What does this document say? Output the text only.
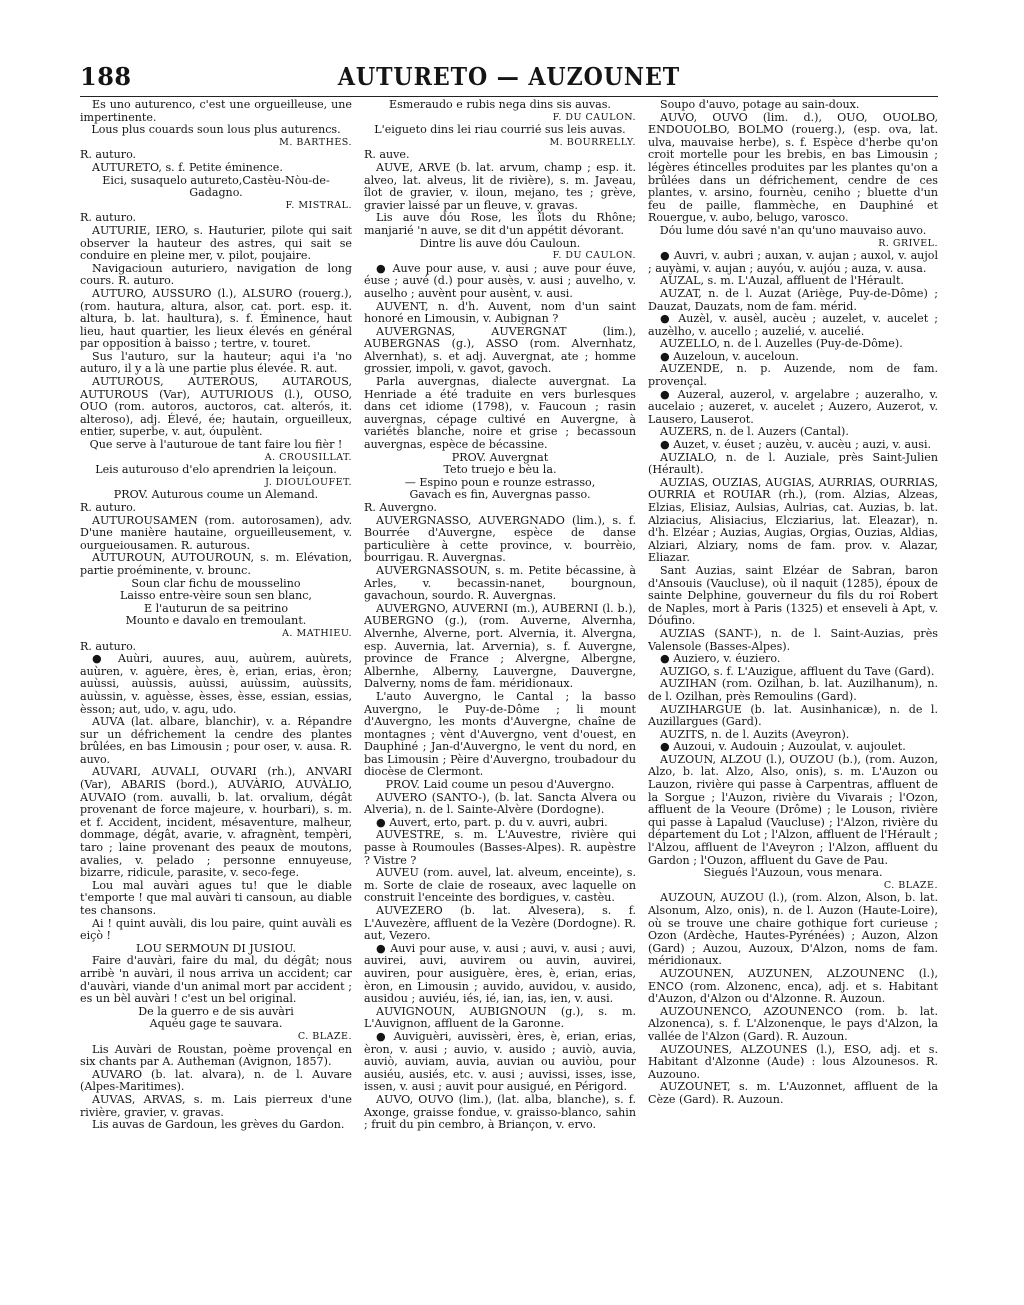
188	AUTURETO — AUZOUNET

Es uno auturenco, c'est une orgueilleuse, une impertinente.

Lous plus couards soun lous plus auturencs.

M. BARTHÈS.

R. auturo.

AUTURETO, s. f. Petite éminence.

Eici, susaquelo autureto,Castèu-Nòu-de-Gadagno.

F. MISTRAL.

R. auturo.

AUTURIÉ, IERO, s. Hauturier, pilote qui sait observer la hauteur des astres, qui sait se conduire en pleine mer, v. pilot, poujaire.

Navigacioun auturiero, navigation de long cours. R. auturo.

AUTURO, AUSSURO (l.), ALSURO (rouerg.), (rom. hautura, altura, alsor, cat. port. esp. it. altura, b. lat. haultura), s. f. Éminence, haut lieu, haut quartier, les lieux élevés en général par opposition à baisso ; tertre, v. touret.

Sus l'auturo, sur la hauteur; aqui i'a 'no auturo, il y a là une partie plus élevée. R. aut.

AUTUROUS, AUTEROUS, AUTAROUS, AUTUROUS (Var), AUTURIOUS (l.), OUSO, OUO (rom. autoros, auctoros, cat. alterós, it. alteroso), adj. Élevé, ée; hautain, orgueilleux, entier, superbe, v. aut, óupulènt.

Que serve à l'auturoue de tant faire lou fièr !

A. CROUSILLAT.

Leis auturouso d'elo aprendrien la leiçoun.

J. DIOULOUFET.

PROV. Auturous coume un Alemand.

R. auturo.

AUTUROUSAMEN (rom. autorosamen), adv. D'une manière hautaine, orgueilleusement, v. ourgueiousamen. R. auturous.

AUTUROUN, AUTOUROUN, s. m. Élévation, partie proéminente, v. brounc.

Soun clar fichu de mousselino

Laisso entre-vèire soun sen blanc,

E l'auturun de sa peitrino

Mounto e davalo en tremoulant.

A. MATHIEU.

R. auturo.

● Auùri, auures, auu, auùrem, auùrets, auùren, v. aguère, ères, è, erian, erias, èron; auùssi, auùssis, auùssi, auùssim, auùssits, auùssin, v. aguèsse, èsses, èsse, essian, essias, èsson; aut, udo, v. agu, udo.

AUVA (lat. albare, blanchir), v. a. Répandre sur un défrichement la cendre des plantes brûlées, en bas Limousin ; pour oser, v. ausa. R. auvo.

AUVÀRI, AUVÀLI, ÓUVÀRI (rh.), AÑVÀRI (Var), ABARIS (bord.), AUVÀRIO, AUVÀLIO, AUVAIO (rom. auvalli, b. lat. orvalium, dégât provenant de force majeure, v. hourbari), s. m. et f. Accident, incident, mésaventure, malheur, dommage, dégât, avarie, v. afragnènt, tempèri, taro ; laine provenant des peaux de moutons, avalies, v. pelado ; personne ennuyeuse, bizarre, ridicule, parasite, v. seco-fege.

Lou mal auvàri agues tu! que le diable t'emporte ! que mal auvàri ti cansoun, au diable tes chansons.

Ai ! quint auvàli, dis lou paire, quint auvàli es eiçò !

LOU SERMOUN DI JUSIOU.

Faire d'auvàri, faire du mal, du dégât; nous arribè 'n auvàri, il nous arriva un accident; car d'auvàri, viande d'un animal mort par accident ; es un bèl auvàri ! c'est un bel original.

De la guerro e de sis auvàri

Aquéu gage te sauvara.

C. BLAZE.

Lis Auvàri de Roustan, poème provençal en six chants par A. Autheman (Avignon, 1857).

AUVARO (b. lat. alvara), n. de l. Auvare (Alpes-Maritimes).

AUVAS, ARVAS, s. m. Lais pierreux d'une rivière, gravier, v. gravas.

Lis auvas de Gardoun, les grèves du Gardon.

Esmeraudo e rubis nega dins sis auvas.

F. DU CAULON.

L'eigueto dins lei riau courrié sus leis auvas.

M. BOURRELLY.

R. auve.

AUVE, ARVE (b. lat. arvum, champ ; esp. it. alveo, lat. alveus, lit de rivière), s. m. Javeau, îlot de gravier, v. iloun, mejano, tes ; grève, gravier laissé par un fleuve, v. gravas.

Lis auve dóu Rose, les îlots du Rhône; manjarié 'n auve, se dit d'un appétit dévorant.

Dintre lis auve dóu Cauloun.

F. DU CAULON.

● Auve pour ause, v. ausi ; auve pour éuve, éuse ; auvé (d.) pour ausès, v. ausi ; auvelho, v. auselho ; auvènt pour ausènt, v. ausi.

AUVENT, n. d'h. Auvent, nom d'un saint honoré en Limousin, v. Aubignan ?

AUVERGNAS, AUVERGNAT (lim.), AUBERGNAS (g.), ASSO (rom. Alvernhatz, Alvernhat), s. et adj. Auvergnat, ate ; homme grossier, impoli, v. gavot, gavoch.

Parla auvergnas, dialecte auvergnat. La Henriade a été traduite en vers burlesques dans cet idiome (1798), v. Faucoun ; rasin auvergnas, cépage cultivé en Auvergne, à variétés blanche, noire et grise ; becassoun auvergnas, espèce de bécassine.

PROV. Auvergnat

Teto truejo e bèu la.

— Espino poun e rounze estrasso,

Gavach es fin, Auvergnas passo.

R. Auvergno.

AUVERGNASSO, AUVERGNADO (lim.), s. f. Bourrée d'Auvergne, espèce de danse particulière à cette province, v. bourrèio, bourrigau. R. Auvergnas.

AUVERGNASSOUN, s. m. Petite bécassine, à Arles, v. becassin-nanet, bourgnoun, gavachoun, sourdo. R. Auvergnas.

AUVERGNO, AUVÈRNI (m.), AUBÈRNI (l. b.), AUBERGNO (g.), (rom. Auverne, Alvernha, Alvernhe, Alverne, port. Alvernia, it. Alvergna, esp. Auvernia, lat. Arvernia), s. f. Auvergne, province de France ; Alvergne, Albergne, Albernhe, Alberny, Lauvergne, Dauvergne, Dalverny, noms de fam. méridionaux.

L'auto Auvergno, le Cantal ; la basso Auvergno, le Puy-de-Dôme ; li mount d'Auvergno, les monts d'Auvergne, chaîne de montagnes ; vènt d'Auvergno, vent d'ouest, en Dauphiné ; Jan-d'Auvergno, le vent du nord, en bas Limousin ; Pèire d'Auvergno, troubadour du diocèse de Clermont.

PROV. Laid coume un pesou d'Auvergno.

AUVÈRO (SANTO-), (b. lat. Sancta Alvera ou Alveria), n. de l. Sainte-Alvère (Dordogne).

● Auvert, erto, part. p. du v. auvri, aubri.

AUVÈSTRE, s. m. L'Auvestre, rivière qui passe à Roumoules (Basses-Alpes). R. aupèstre ? Vistre ?

AUVÈU (rom. auvel, lat. alveum, enceinte), s. m. Sorte de claie de roseaux, avec laquelle on construit l'enceinte des bordigues, v. castèu.

AUVEZERO (b. lat. Alvesera), s. f. L'Auvezère, affluent de la Vezère (Dordogne). R. aut, Vezero.

● Auvi pour ause, v. ausi ; auvi, v. ausi ; auvi, auvirei, auvi, auvirem ou auvin, auvirei, auviren, pour ausiguère, ères, è, erian, erias, èron, en Limousin ; auvido, auvidou, v. ausido, ausidou ; auviéu, iés, ié, ian, ias, ien, v. ausi.

AUVIGNOUN, AUBIGNOUN (g.), s. m. L'Auvignon, affluent de la Garonne.

● Auviguèri, auvissèri, ères, è, erian, erias, èron, v. ausi ; auvio, v. ausido ; auviò, auvia, auviò, auviam, auvia, auvian ou auviòu, pour ausiéu, ausiés, etc. v. ausi ; auvissi, isses, isse, issen, v. ausi ; auvit pour ausigué, en Périgord.

AUVO, ÓUVO (lim.), (lat. alba, blanche), s. f. Axonge, graisse fondue, v. graisso-blanco, sahin ; fruit du pin cembro, à Briançon, v. ervo.

Soupo d'auvo, potage au sain-doux.

AUVO, ÓUVO (lim. d.), ÓUO, OUOLBO, ENDOUOLBO, BOLMO (rouerg.), (esp. ova, lat. ulva, mauvaise herbe), s. f. Espèce d'herbe qu'on croit mortelle pour les brebis, en bas Limousin ; légères étincelles produites par les plantes qu'on a brûlées dans un défrichement, cendre de ces plantes, v. arsino, fournèu, ceniho ; bluette d'un feu de paille, flammèche, en Dauphiné et Rouergue, v. aubo, belugo, varosco.

Dóu lume dóu savé n'an qu'uno mauvaiso auvo.

R. GRIVEL.

● Auvri, v. aubri ; auxan, v. aujan ; auxol, v. aujol ; auyàmi, v. aujan ; auyóu, v. aujóu ; auza, v. ausa.

AUZAL, s. m. L'Auzal, affluent de l'Hérault.

AUZAT, n. de l. Auzat (Ariège, Puy-de-Dôme) ; Dauzat, Dauzats, nom de fam. mérid.

● Auzèl, v. ausèl, aucèu ; auzelet, v. aucelet ; auzèlho, v. aucello ; auzelié, v. aucelié.

AUZELLO, n. de l. Auzelles (Puy-de-Dôme).

● Auzeloun, v. auceloun.

AUZENDE, n. p. Auzende, nom de fam. provençal.

● Auzeral, auzerol, v. argelabre ; auzeralho, v. aucelaio ; auzeret, v. aucelet ; Auzero, Auzerot, v. Lausero, Lauserot.

AUZERS, n. de l. Auzers (Cantal).

● Auzet, v. éuset ; auzèu, v. aucèu ; auzi, v. ausi.

AUZIALO, n. de l. Auziale, près Saint-Julien (Hérault).

AUZIAS, ÓUZIAS, AUGIAS, AURRIAS, OURRIAS, OURRIA et ROUIAR (rh.), (rom. Alzias, Alzeas, Elzias, Elisiaz, Aulsias, Aulrias, cat. Auzias, b. lat. Alziacius, Alisiacius, Elcziarius, lat. Eleazar), n. d'h. Elzéar ; Auzias, Augias, Orgias, Ouzias, Aldias, Alziari, Alziary, noms de fam. prov. v. Alazar, Eliazar.

Sant Auzias, saint Elzéar de Sabran, baron d'Ansouis (Vaucluse), où il naquit (1285), époux de sainte Delphine, gouverneur du fils du roi Robert de Naples, mort à Paris (1325) et enseveli à Apt, v. Dóufino.

AUZIAS (SANT-), n. de l. Saint-Auzias, près Valensole (Basses-Alpes).

● Auziero, v. éuziero.

AUZIGO, s. f. L'Auzigue, affluent du Tave (Gard).

AUZIHAN (rom. Ozilhan, b. lat. Auzilhanum), n. de l. Ozilhan, près Remoulins (Gard).

AUZIHARGUE (b. lat. Ausinhanicæ), n. de l. Auzillargues (Gard).

AUZITS, n. de l. Auzits (Aveyron).

● Auzoui, v. Audouin ; Auzoulat, v. aujoulet.

AUZOUN, ALZOU (l.), OUZOU (b.), (rom. Auzon, Alzo, b. lat. Alzo, Also, onis), s. m. L'Auzon ou Lauzon, rivière qui passe à Carpentras, affluent de la Sorgue ; l'Auzon, rivière du Vivarais ; l'Ozon, affluent de la Veoure (Drôme) ; le Louson, rivière qui passe à Lapalud (Vaucluse) ; l'Alzon, rivière du département du Lot ; l'Alzon, affluent de l'Hérault ; l'Alzou, affluent de l'Aveyron ; l'Alzon, affluent du Gardon ; l'Ouzon, affluent du Gave de Pau.

Siegués l'Auzoun, vous menara.

C. BLAZE.

AUZOUN, AUZOU (l.), (rom. Alzon, Alson, b. lat. Alsonum, Alzo, onis), n. de l. Auzon (Haute-Loire), où se trouve une chaire gothique fort curieuse ; Ozon (Ardèche, Hautes-Pyrénées) ; Auzon, Alzon (Gard) ; Auzou, Auzoux, D'Alzon, noms de fam. méridionaux.

AUZOUNEN, AUZUNEN, ALZOUNENC (l.), ENCO (rom. Alzonenc, enca), adj. et s. Habitant d'Auzon, d'Alzon ou d'Alzonne. R. Auzoun.

AUZOUNENCO, AZOUNENCO (rom. b. lat. Alzonenca), s. f. L'Alzonenque, le pays d'Alzon, la vallée de l'Alzon (Gard). R. Auzoun.

AUZOUNÉS, ALZOUNÉS (l.), ESO, adj. et s. Habitant d'Alzonne (Aude) : lous Alzounesos. R. Auzouno.

AUZOUNET, s. m. L'Auzonnet, affluent de la Cèze (Gard). R. Auzoun.
